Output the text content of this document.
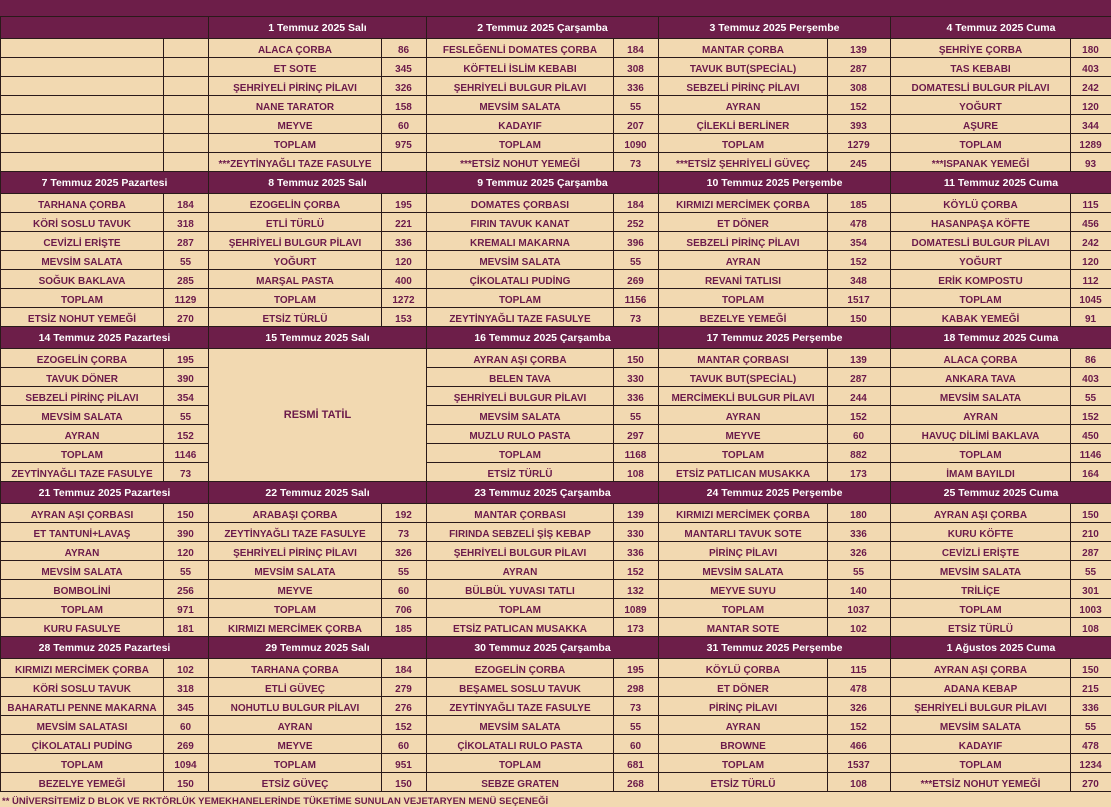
		1 Temmuz 2025 Salı		2 Temmuz 2025 Çarşamba		3 Temmuz 2025 Perşembe		4 Temmuz 2025 Cuma	
		ALACA ÇORBA	86	FESLEĞENLİ DOMATES ÇORBA	184	MANTAR ÇORBA	139	ŞEHRİYE ÇORBA	180
		ET SOTE	345	KÖFTELİ İSLİM KEBABI	308	TAVUK BUT(SPECİAL)	287	TAS KEBABI	403
		ŞEHRİYELİ PİRİNÇ PİLAVI	326	ŞEHRİYELİ BULGUR PİLAVI	336	SEBZELİ PİRİNÇ PİLAVI	308	DOMATESLİ BULGUR PİLAVI	242
		NANE TARATOR	158	MEVSİM SALATA	55	AYRAN	152	YOĞURT	120
		MEYVE	60	KADAYIF	207	ÇİLEKLİ BERLİNER	393	AŞURE	344
		TOPLAM	975	TOPLAM	1090	TOPLAM	1279	TOPLAM	1289
		***ZEYTİNYAĞLI TAZE FASULYE		***ETSİZ NOHUT YEMEĞİ	73	***ETSİZ ŞEHRİYELİ GÜVEÇ	245	***ISPANAK YEMEĞİ	93
7 Temmuz 2025 Pazartesi		8 Temmuz 2025 Salı		9 Temmuz 2025 Çarşamba		10 Temmuz 2025 Perşembe		11 Temmuz 2025 Cuma	
TARHANA ÇORBA	184	EZOGELİN ÇORBA	195	DOMATES ÇORBASI	184	KIRMIZI MERCİMEK ÇORBA	185	KÖYLÜ ÇORBA	115
KÖRİ SOSLU TAVUK	318	ETLİ TÜRLÜ	221	FIRIN TAVUK KANAT	252	ET DÖNER	478	HASANPAŞA KÖFTE	456
CEVİZLİ ERİŞTE	287	ŞEHRİYELİ BULGUR PİLAVI	336	KREMALI MAKARNA	396	SEBZELİ PİRİNÇ PİLAVI	354	DOMATESLİ BULGUR PİLAVI	242
MEVSİM SALATA	55	YOĞURT	120	MEVSİM SALATA	55	AYRAN	152	YOĞURT	120
SOĞUK BAKLAVA	285	MARŞAL PASTA	400	ÇİKOLATALI PUDİNG	269	REVANİ TATLISI	348	ERİK KOMPOSTU	112
TOPLAM	1129	TOPLAM	1272	TOPLAM	1156	TOPLAM	1517	TOPLAM	1045
ETSİZ NOHUT YEMEĞİ	270	ETSİZ TÜRLÜ	153	ZEYTİNYAĞLI TAZE FASULYE	73	BEZELYE YEMEĞİ	150	KABAK YEMEĞİ	91
14 Temmuz 2025 Pazartesi		15 Temmuz 2025 Salı		16 Temmuz 2025 Çarşamba		17 Temmuz 2025 Perşembe		18 Temmuz 2025 Cuma	
EZOGELİN ÇORBA	195	RESMİ TATİL		AYRAN AŞI ÇORBA	150	MANTAR ÇORBASI	139	ALACA ÇORBA	86
TAVUK DÖNER	390			BELEN TAVA	330	TAVUK BUT(SPECİAL)	287	ANKARA TAVA	403
SEBZELİ PİRİNÇ PİLAVI	354			ŞEHRİYELİ BULGUR PİLAVI	336	MERCİMEKLİ BULGUR PİLAVI	244	MEVSİM SALATA	55
MEVSİM SALATA	55			MEVSİM SALATA	55	AYRAN	152	AYRAN	152
AYRAN	152			MUZLU RULO PASTA	297	MEYVE	60	HAVUÇ DİLİMİ BAKLAVA	450
TOPLAM	1146			TOPLAM	1168	TOPLAM	882	TOPLAM	1146
ZEYTİNYAĞLI TAZE FASULYE	73			ETSİZ TÜRLÜ	108	ETSİZ PATLICAN MUSAKKA	173	İMAM BAYILDI	164
21 Temmuz 2025 Pazartesi		22 Temmuz 2025 Salı		23 Temmuz 2025 Çarşamba		24 Temmuz 2025 Perşembe		25 Temmuz 2025 Cuma	
AYRAN AŞI ÇORBASI	150	ARABAŞI ÇORBA	192	MANTAR ÇORBASI	139	KIRMIZI MERCİMEK ÇORBA	180	AYRAN AŞI ÇORBA	150
ET TANTUNİ+LAVAŞ	390	ZEYTİNYAĞLI TAZE FASULYE	73	FIRINDA SEBZELİ ŞİŞ KEBAP	330	MANTARLI TAVUK SOTE	336	KURU KÖFTE	210
AYRAN	120	ŞEHRİYELİ PİRİNÇ PİLAVI	326	ŞEHRİYELİ BULGUR PİLAVI	336	PİRİNÇ PİLAVI	326	CEVİZLİ ERİŞTE	287
MEVSİM SALATA	55	MEVSİM SALATA	55	AYRAN	152	MEVSİM SALATA	55	MEVSİM SALATA	55
BOMBOLİNİ	256	MEYVE	60	BÜLBÜL YUVASI TATLI	132	MEYVE SUYU	140	TRİLİÇE	301
TOPLAM	971	TOPLAM	706	TOPLAM	1089	TOPLAM	1037	TOPLAM	1003
KURU FASULYE	181	KIRMIZI MERCİMEK ÇORBA	185	ETSİZ PATLICAN MUSAKKA	173	MANTAR SOTE	102	ETSİZ TÜRLÜ	108
28 Temmuz 2025 Pazartesi		29 Temmuz 2025 Salı		30 Temmuz 2025 Çarşamba		31 Temmuz 2025 Perşembe		1 Ağustos 2025 Cuma	
KIRMIZI MERCİMEK ÇORBA	102	TARHANA ÇORBA	184	EZOGELİN ÇORBA	195	KÖYLÜ ÇORBA	115	AYRAN AŞI ÇORBA	150
KÖRİ SOSLU TAVUK	318	ETLİ GÜVEÇ	279	BEŞAMEL SOSLU TAVUK	298	ET DÖNER	478	ADANA KEBAP	215
BAHARATLI PENNE MAKARNA	345	NOHUTLU BULGUR PİLAVI	276	ZEYTİNYAĞLI TAZE FASULYE	73	PİRİNÇ PİLAVI	326	ŞEHRİYELİ BULGUR PİLAVI	336
MEVSİM SALATASI	60	AYRAN	152	MEVSİM SALATA	55	AYRAN	152	MEVSİM SALATA	55
ÇİKOLATALI PUDİNG	269	MEYVE	60	ÇİKOLATALI RULO PASTA	60	BROWNE	466	KADAYIF	478
TOPLAM	1094	TOPLAM	951	TOPLAM	681	TOPLAM	1537	TOPLAM	1234
BEZELYE YEMEĞİ	150	ETSİZ GÜVEÇ	150	SEBZE GRATEN	268	ETSİZ TÜRLÜ	108	***ETSİZ NOHUT YEMEĞİ	270
** ÜNİVERSİTEMİZ D BLOK VE RKTÖRLÜK YEMEKHANELERİNDE TÜKETİME SUNULAN VEJETARYEN MENÜ SEÇENEĞİ
